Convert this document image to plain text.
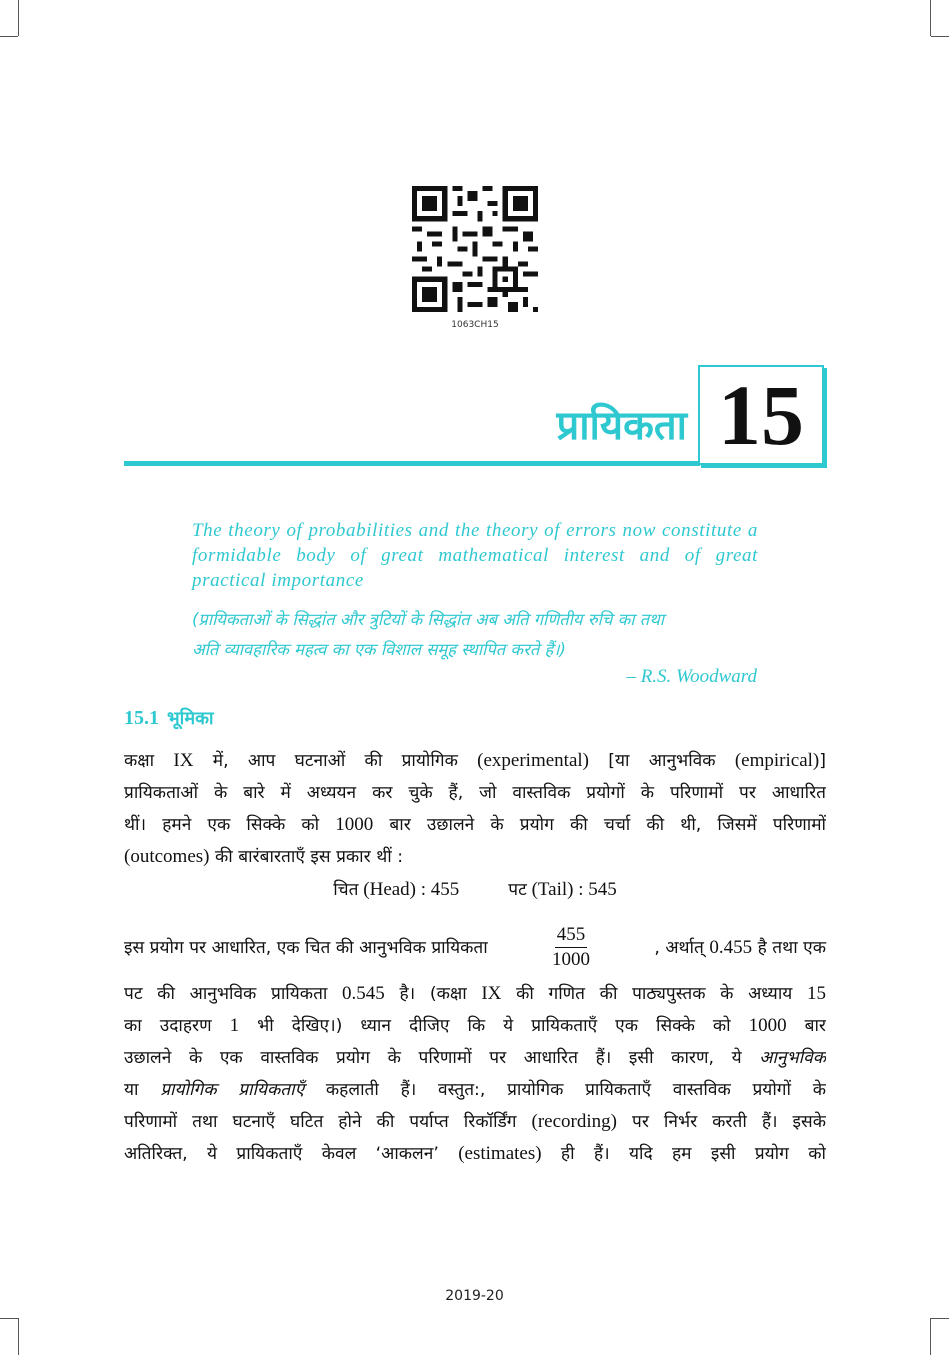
1063CH15
प्रायिकता 15
The theory of probabilities and the theory of errors now constitute a formidable body of great mathematical interest and of great practical importance
(प्रायिकताओं के सिद्धांत और त्रुटियों के सिद्धांत अब अति गणितीय रुचि का तथा
अति व्यावहारिक महत्व का एक विशाल समूह स्थापित करते हैं।)
– R.S. Woodward
15.1 भूमिका
कक्षा IX में, आप घटनाओं की प्रायोगिक (experimental) [या आनुभविक (empirical)]
प्रायिकताओं के बारे में अध्ययन कर चुके हैं, जो वास्तविक प्रयोगों के परिणामों पर आधारित
थीं। हमने एक सिक्के को 1000 बार उछालने के प्रयोग की चर्चा की थी, जिसमें परिणामों
(outcomes) की बारंबारताएँ इस प्रकार थीं :
चित (Head) : 455	पट (Tail) : 545
इस प्रयोग पर आधारित, एक चित की आनुभविक प्रायिकता	$\frac{455}{1000}$	, अर्थात् 0.455 है तथा एक
पट की आनुभविक प्रायिकता 0.545 है। (कक्षा IX की गणित की पाठ्यपुस्तक के अध्याय 15
का उदाहरण 1 भी देखिए।) ध्यान दीजिए कि ये प्रायिकताएँ एक सिक्के को 1000 बार
उछालने के एक वास्तविक प्रयोग के परिणामों पर आधारित हैं। इसी कारण, ये आनुभविक
या प्रायोगिक प्रायिकताएँ कहलाती हैं। वस्तुत:, प्रायोगिक प्रायिकताएँ वास्तविक प्रयोगों के
परिणामों तथा घटनाएँ घटित होने की पर्याप्त रिकॉर्डिंग (recording) पर निर्भर करती हैं। इसके
अतिरिक्त, ये प्रायिकताएँ केवल ‘आकलन’ (estimates) ही हैं। यदि हम इसी प्रयोग को
2019-20
